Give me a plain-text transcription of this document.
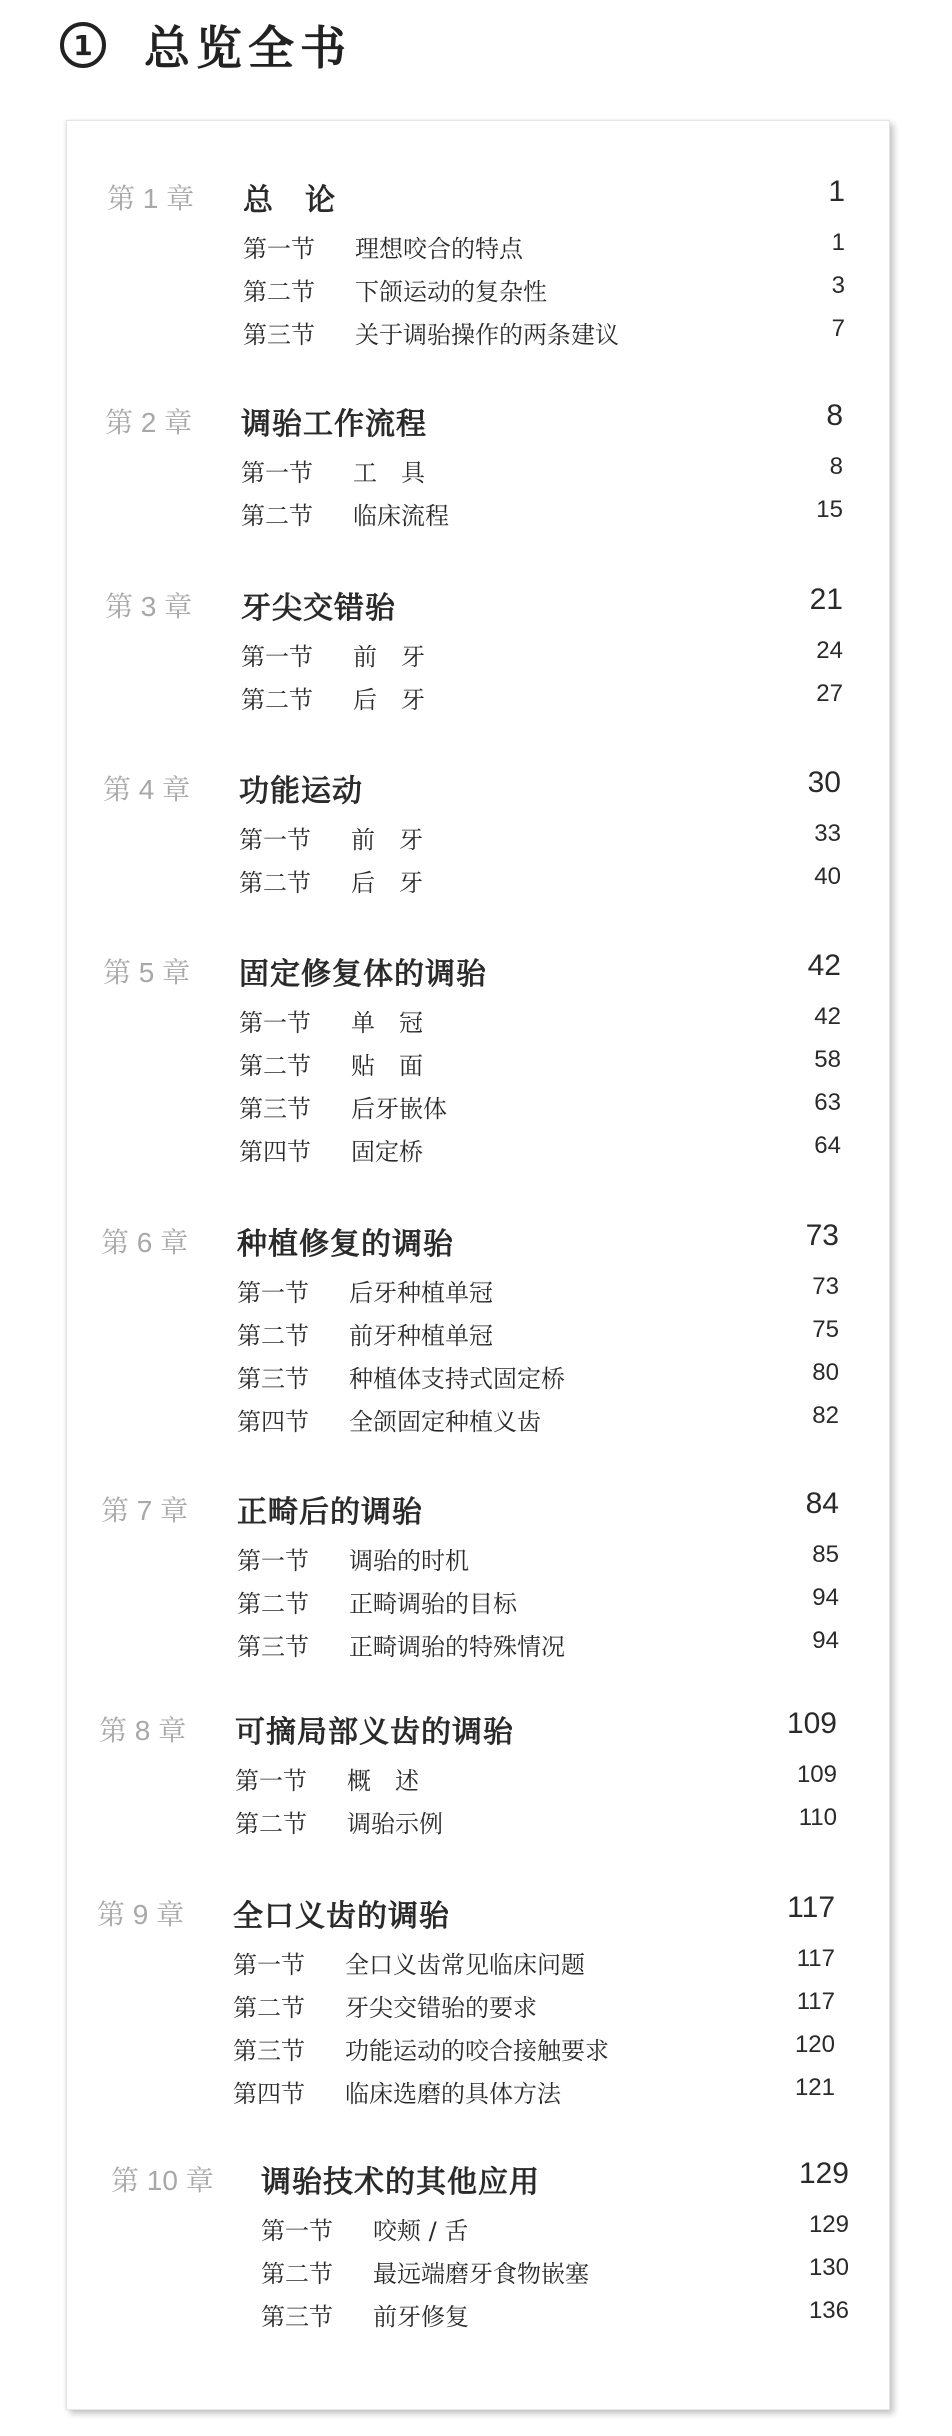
1 总览全书
第 1 章 总　论	1
第一节 理想咬合的特点	1
第二节 下颌运动的复杂性	3
第三节 关于调骀操作的两条建议	7
第 2 章 调骀工作流程	8
第一节 工　具	8
第二节 临床流程	15
第 3 章 牙尖交错骀	21
第一节 前　牙	24
第二节 后　牙	27
第 4 章 功能运动	30
第一节 前　牙	33
第二节 后　牙	40
第 5 章 固定修复体的调骀	42
第一节 单　冠	42
第二节 贴　面	58
第三节 后牙嵌体	63
第四节 固定桥	64
第 6 章 种植修复的调骀	73
第一节 后牙种植单冠	73
第二节 前牙种植单冠	75
第三节 种植体支持式固定桥	80
第四节 全颌固定种植义齿	82
第 7 章 正畸后的调骀	84
第一节 调骀的时机	85
第二节 正畸调骀的目标	94
第三节 正畸调骀的特殊情况	94
第 8 章 可摘局部义齿的调骀	109
第一节 概　述	109
第二节 调骀示例	110
第 9 章 全口义齿的调骀	117
第一节 全口义齿常见临床问题	117
第二节 牙尖交错骀的要求	117
第三节 功能运动的咬合接触要求	120
第四节 临床选磨的具体方法	121
第 10 章 调骀技术的其他应用	129
第一节 咬颊 / 舌	129
第二节 最远端磨牙食物嵌塞	130
第三节 前牙修复	136
